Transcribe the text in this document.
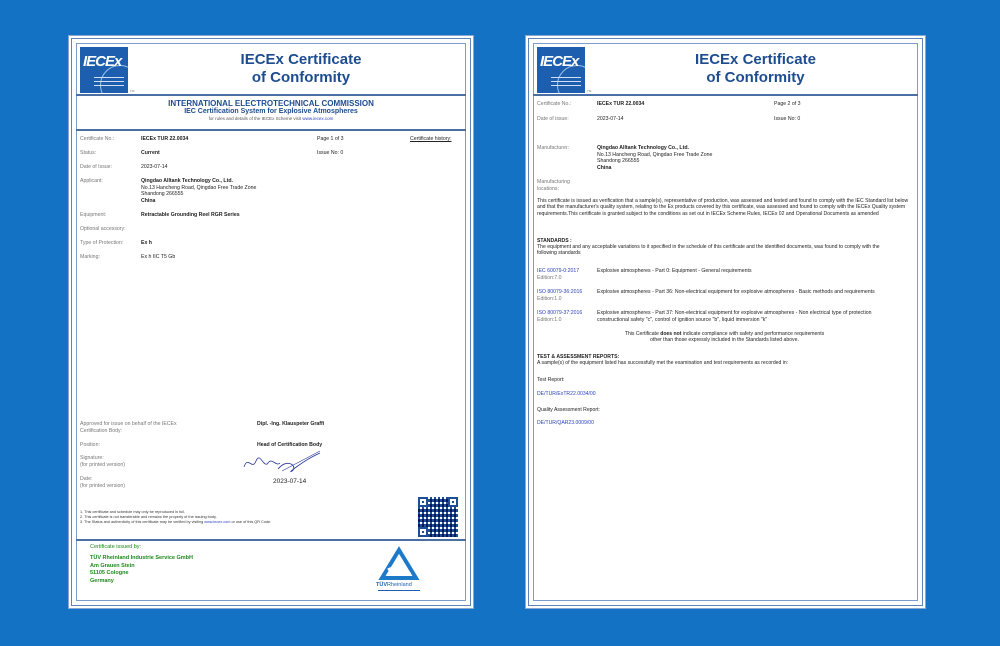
IECEx
TM
IECEx Certificate
of Conformity
INTERNATIONAL ELECTROTECHNICAL COMMISSION
IEC Certification System for Explosive Atmospheres
for rules and details of the IECEx Scheme visit www.iecex.com
Certificate No.:	IECEx TUR 22.0034	Page 1 of 3	Certificate history:
Status:	Current	Issue No: 0
Date of Issue:	2023-07-14
Applicant:	Qingdao Alltank Technology Co., Ltd.
No.13 Hancheng Road, Qingdao Free Trade Zone
Shandong 266555
China
Equipment:	Retractable Grounding Reel RGR Series
Optional accessory:
Type of Protection:	Ex h
Marking:	Ex h IIC T5 Gb
Approved for issue on behalf of the IECEx
Certification Body:
Dipl. -Ing. Klauspeter Graffi
Position:	Head of Certification Body
Signature:
(for printed version)
Date:
(for printed version)
2023-07-14
1. This certificate and schedule may only be reproduced in full.
2. This certificate is not transferable and remains the property of the issuing body.
3. The Status and authenticity of this certificate may be verified by visiting www.iecex.com or use of this QR Code.
Certificate issued by:
TÜV Rheinland Industrie Service GmbH
Am Grauen Stein
51105 Cologne
Germany
TÜVRheinland
IECEx
TM
IECEx Certificate
of Conformity
Certificate No.:	IECEx TUR 22.0034	Page 2 of 3
Date of issue:	2023-07-14	Issue No: 0
Manufacturer:	Qingdao Alltank Technology Co., Ltd.
No.13 Hancheng Road, Qingdao Free Trade Zone
Shandong 266555
China
Manufacturing
locations:
This certificate is issued as verification that a sample(s), representative of production, was assessed and tested and found to comply with the IEC Standard list below and that the manufacturer's quality system, relating to the Ex products covered by this certificate, was assessed and found to comply with the IECEx Quality system requirements.This certificate is granted subject to the conditions as set out in IECEx Scheme Rules, IECEx 02 and Operational Documents as amended
STANDARDS :
The equipment and any acceptable variations to it specified in the schedule of this certificate and the identified documents, was found to comply with the following standards
IEC 60079-0:2017
Edition:7.0
Explosive atmospheres - Part 0: Equipment - General requirements
ISO 80079-36:2016
Edition:1.0
Explosive atmospheres - Part 36: Non-electrical equipment for explosive atmospheres - Basic methods and requirements
ISO 80079-37:2016
Edition:1.0
Explosive atmospheres - Part 37: Non-electrical equipment for explosive atmospheres - Non electrical type of protection constructional safety "c", control of ignition source "b", liquid immersion "k"
This Certificate does not indicate compliance with safety and performance requirements
other than those expressly included in the Standards listed above.
TEST & ASSESSMENT REPORTS:
A sample(s) of the equipment listed has successfully met the examination and test requirements as recorded in:
Test Report:
DE/TUR/ExTR22.0034/00
Quality Assessment Report:
DE/TUR/QAR23.0009/00
